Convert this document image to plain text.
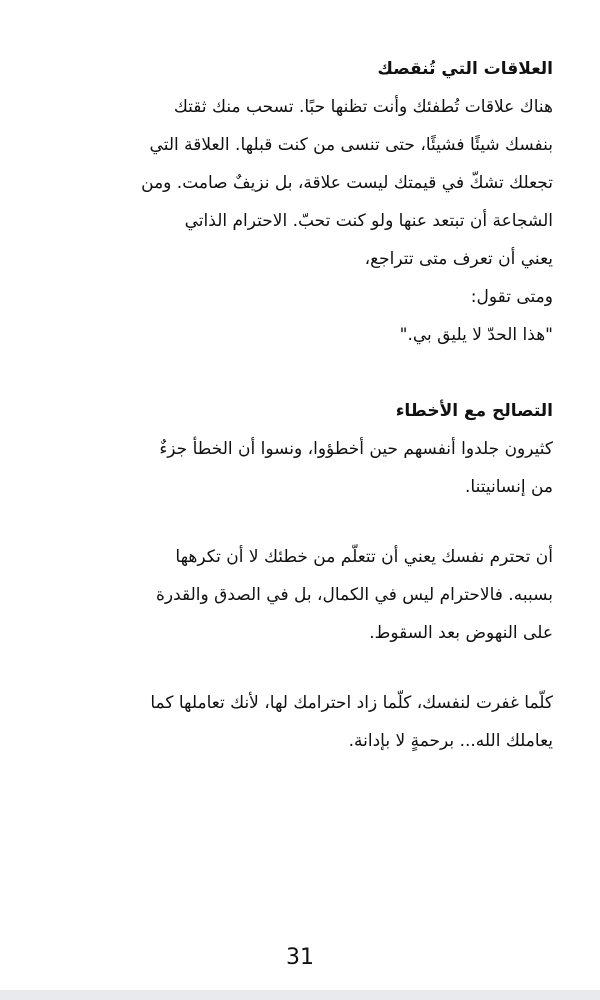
العلاقات التي تُنقصك

هناك علاقات تُطفئك وأنت تظنها حبًا. تسحب منك ثقتك
بنفسك شيئًا فشيئًا، حتى تنسى من كنت قبلها. العلاقة التي
تجعلك تشكّ في قيمتك ليست علاقة، بل نزيفٌ صامت. ومن
الشجاعة أن تبتعد عنها ولو كنت تحبّ. الاحترام الذاتي
يعني أن تعرف متى تتراجع،
ومتى تقول:
"هذا الحدّ لا يليق بي."

التصالح مع الأخطاء

كثيرون جلدوا أنفسهم حين أخطؤوا، ونسوا أن الخطأ جزءٌ
من إنسانيتنا.
أن تحترم نفسك يعني أن تتعلّم من خطئك لا أن تكرهها
بسببه. فالاحترام ليس في الكمال، بل في الصدق والقدرة
على النهوض بعد السقوط.
كلّما غفرت لنفسك، كلّما زاد احترامك لها، لأنك تعاملها كما
يعاملك الله... برحمةٍ لا بإدانة.
31
